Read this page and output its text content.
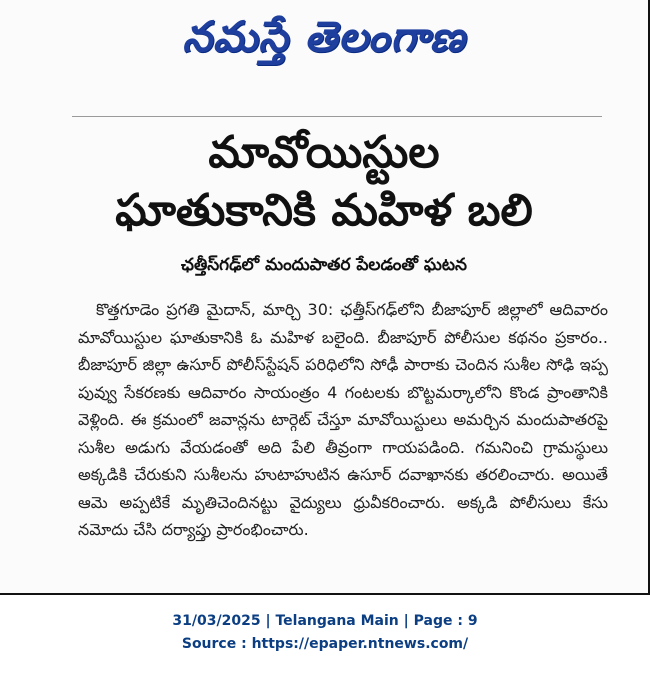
నమస్తే తెలంగాణ
మావోయిస్టుల
ఘాతుకానికి మహిళ బలి
ఛత్తీస్‌గఢ్‌లో మందుపాతర పేలడంతో ఘటన

కొత్తగూడెం ప్రగతి మైదాన్, మార్చి 30: ఛత్తీస్‌గఢ్‌లోని బీజాపూర్ జిల్లాలో ఆదివారం మావోయిస్టుల ఘాతుకానికి ఓ మహిళ బలైంది. బీజాపూర్ పోలీసుల కథనం ప్రకారం.. బీజాపూర్ జిల్లా ఉసూర్ పోలీస్‌స్టేషన్ పరిధిలోని సోఢీ పారాకు చెందిన సుశీల సోఢి ఇప్ప పువ్వు సేకరణకు ఆదివారం సాయంత్రం 4 గంటలకు బొట్టమర్కాలోని కొండ ప్రాంతానికి వెళ్లింది. ఈ క్రమంలో జవాన్లను టార్గెట్ చేస్తూ మావోయిస్టులు అమర్చిన మందుపాతరపై సుశీల అడుగు వేయడంతో అది పేలి తీవ్రంగా గాయపడింది. గమనించి గ్రామస్థులు అక్కడికి చేరుకుని సుశీలను హుటాహుటిన ఉసూర్ దవాఖానకు తరలించారు. అయితే ఆమె అప్పటికే మృతిచెందినట్టు వైద్యులు ధ్రువీకరించారు. అక్కడి పోలీసులు కేసు నమోదు చేసి దర్యాప్తు ప్రారంభించారు.

31/03/2025 | Telangana Main | Page : 9
Source : https://epaper.ntnews.com/
